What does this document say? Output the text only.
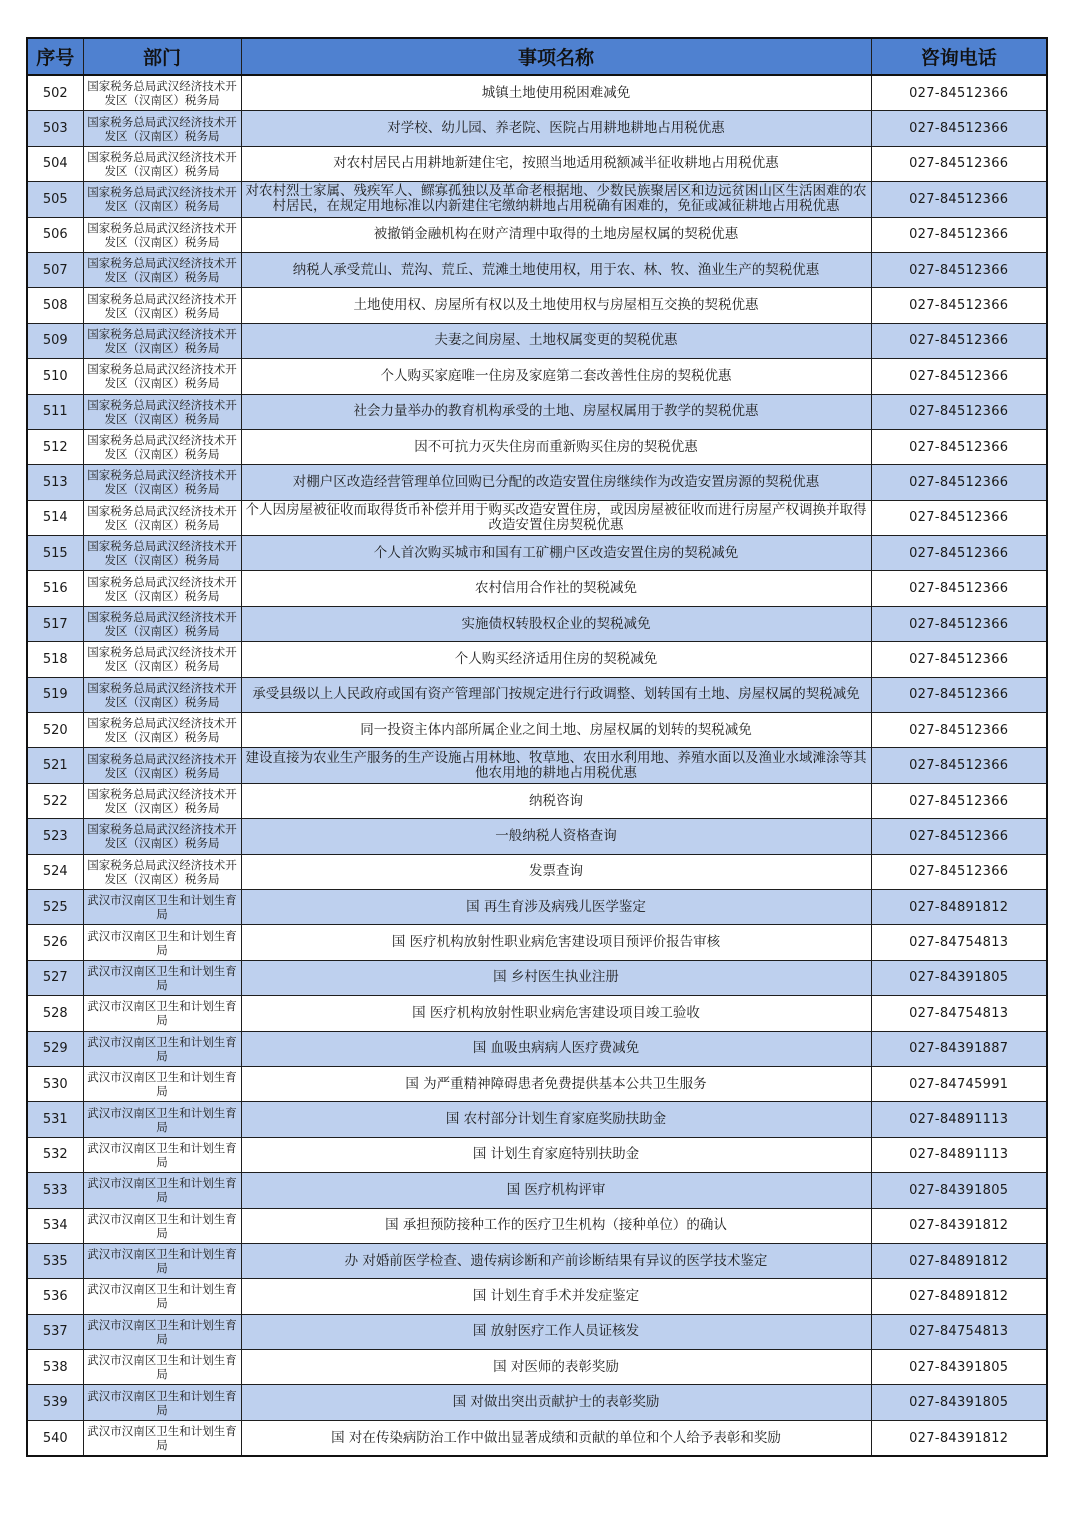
序号	部门	事项名称	咨询电话
502	国家税务总局武汉经济技术开发区（汉南区）税务局	城镇土地使用税困难减免	027-84512366
503	国家税务总局武汉经济技术开发区（汉南区）税务局	对学校、幼儿园、养老院、医院占用耕地耕地占用税优惠	027-84512366
504	国家税务总局武汉经济技术开发区（汉南区）税务局	对农村居民占用耕地新建住宅，按照当地适用税额减半征收耕地占用税优惠	027-84512366
505	国家税务总局武汉经济技术开发区（汉南区）税务局	对农村烈士家属、残疾军人、鳏寡孤独以及革命老根据地、少数民族聚居区和边远贫困山区生活困难的农村居民，在规定用地标准以内新建住宅缴纳耕地占用税确有困难的，免征或减征耕地占用税优惠	027-84512366
506	国家税务总局武汉经济技术开发区（汉南区）税务局	被撤销金融机构在财产清理中取得的土地房屋权属的契税优惠	027-84512366
507	国家税务总局武汉经济技术开发区（汉南区）税务局	纳税人承受荒山、荒沟、荒丘、荒滩土地使用权，用于农、林、牧、渔业生产的契税优惠	027-84512366
508	国家税务总局武汉经济技术开发区（汉南区）税务局	土地使用权、房屋所有权以及土地使用权与房屋相互交换的契税优惠	027-84512366
509	国家税务总局武汉经济技术开发区（汉南区）税务局	夫妻之间房屋、土地权属变更的契税优惠	027-84512366
510	国家税务总局武汉经济技术开发区（汉南区）税务局	个人购买家庭唯一住房及家庭第二套改善性住房的契税优惠	027-84512366
511	国家税务总局武汉经济技术开发区（汉南区）税务局	社会力量举办的教育机构承受的土地、房屋权属用于教学的契税优惠	027-84512366
512	国家税务总局武汉经济技术开发区（汉南区）税务局	因不可抗力灭失住房而重新购买住房的契税优惠	027-84512366
513	国家税务总局武汉经济技术开发区（汉南区）税务局	对棚户区改造经营管理单位回购已分配的改造安置住房继续作为改造安置房源的契税优惠	027-84512366
514	国家税务总局武汉经济技术开发区（汉南区）税务局	个人因房屋被征收而取得货币补偿并用于购买改造安置住房，或因房屋被征收而进行房屋产权调换并取得改造安置住房契税优惠	027-84512366
515	国家税务总局武汉经济技术开发区（汉南区）税务局	个人首次购买城市和国有工矿棚户区改造安置住房的契税减免	027-84512366
516	国家税务总局武汉经济技术开发区（汉南区）税务局	农村信用合作社的契税减免	027-84512366
517	国家税务总局武汉经济技术开发区（汉南区）税务局	实施债权转股权企业的契税减免	027-84512366
518	国家税务总局武汉经济技术开发区（汉南区）税务局	个人购买经济适用住房的契税减免	027-84512366
519	国家税务总局武汉经济技术开发区（汉南区）税务局	承受县级以上人民政府或国有资产管理部门按规定进行行政调整、划转国有土地、房屋权属的契税减免	027-84512366
520	国家税务总局武汉经济技术开发区（汉南区）税务局	同一投资主体内部所属企业之间土地、房屋权属的划转的契税减免	027-84512366
521	国家税务总局武汉经济技术开发区（汉南区）税务局	建设直接为农业生产服务的生产设施占用林地、牧草地、农田水利用地、养殖水面以及渔业水域滩涂等其他农用地的耕地占用税优惠	027-84512366
522	国家税务总局武汉经济技术开发区（汉南区）税务局	纳税咨询	027-84512366
523	国家税务总局武汉经济技术开发区（汉南区）税务局	一般纳税人资格查询	027-84512366
524	国家税务总局武汉经济技术开发区（汉南区）税务局	发票查询	027-84512366
525	武汉市汉南区卫生和计划生育局	国 再生育涉及病残儿医学鉴定	027-84891812
526	武汉市汉南区卫生和计划生育局	国 医疗机构放射性职业病危害建设项目预评价报告审核	027-84754813
527	武汉市汉南区卫生和计划生育局	国 乡村医生执业注册	027-84391805
528	武汉市汉南区卫生和计划生育局	国 医疗机构放射性职业病危害建设项目竣工验收	027-84754813
529	武汉市汉南区卫生和计划生育局	国 血吸虫病病人医疗费减免	027-84391887
530	武汉市汉南区卫生和计划生育局	国 为严重精神障碍患者免费提供基本公共卫生服务	027-84745991
531	武汉市汉南区卫生和计划生育局	国 农村部分计划生育家庭奖励扶助金	027-84891113
532	武汉市汉南区卫生和计划生育局	国 计划生育家庭特别扶助金	027-84891113
533	武汉市汉南区卫生和计划生育局	国 医疗机构评审	027-84391805
534	武汉市汉南区卫生和计划生育局	国 承担预防接种工作的医疗卫生机构（接种单位）的确认	027-84391812
535	武汉市汉南区卫生和计划生育局	办 对婚前医学检查、遗传病诊断和产前诊断结果有异议的医学技术鉴定	027-84891812
536	武汉市汉南区卫生和计划生育局	国 计划生育手术并发症鉴定	027-84891812
537	武汉市汉南区卫生和计划生育局	国 放射医疗工作人员证核发	027-84754813
538	武汉市汉南区卫生和计划生育局	国 对医师的表彰奖励	027-84391805
539	武汉市汉南区卫生和计划生育局	国 对做出突出贡献护士的表彰奖励	027-84391805
540	武汉市汉南区卫生和计划生育局	国 对在传染病防治工作中做出显著成绩和贡献的单位和个人给予表彰和奖励	027-84391812
